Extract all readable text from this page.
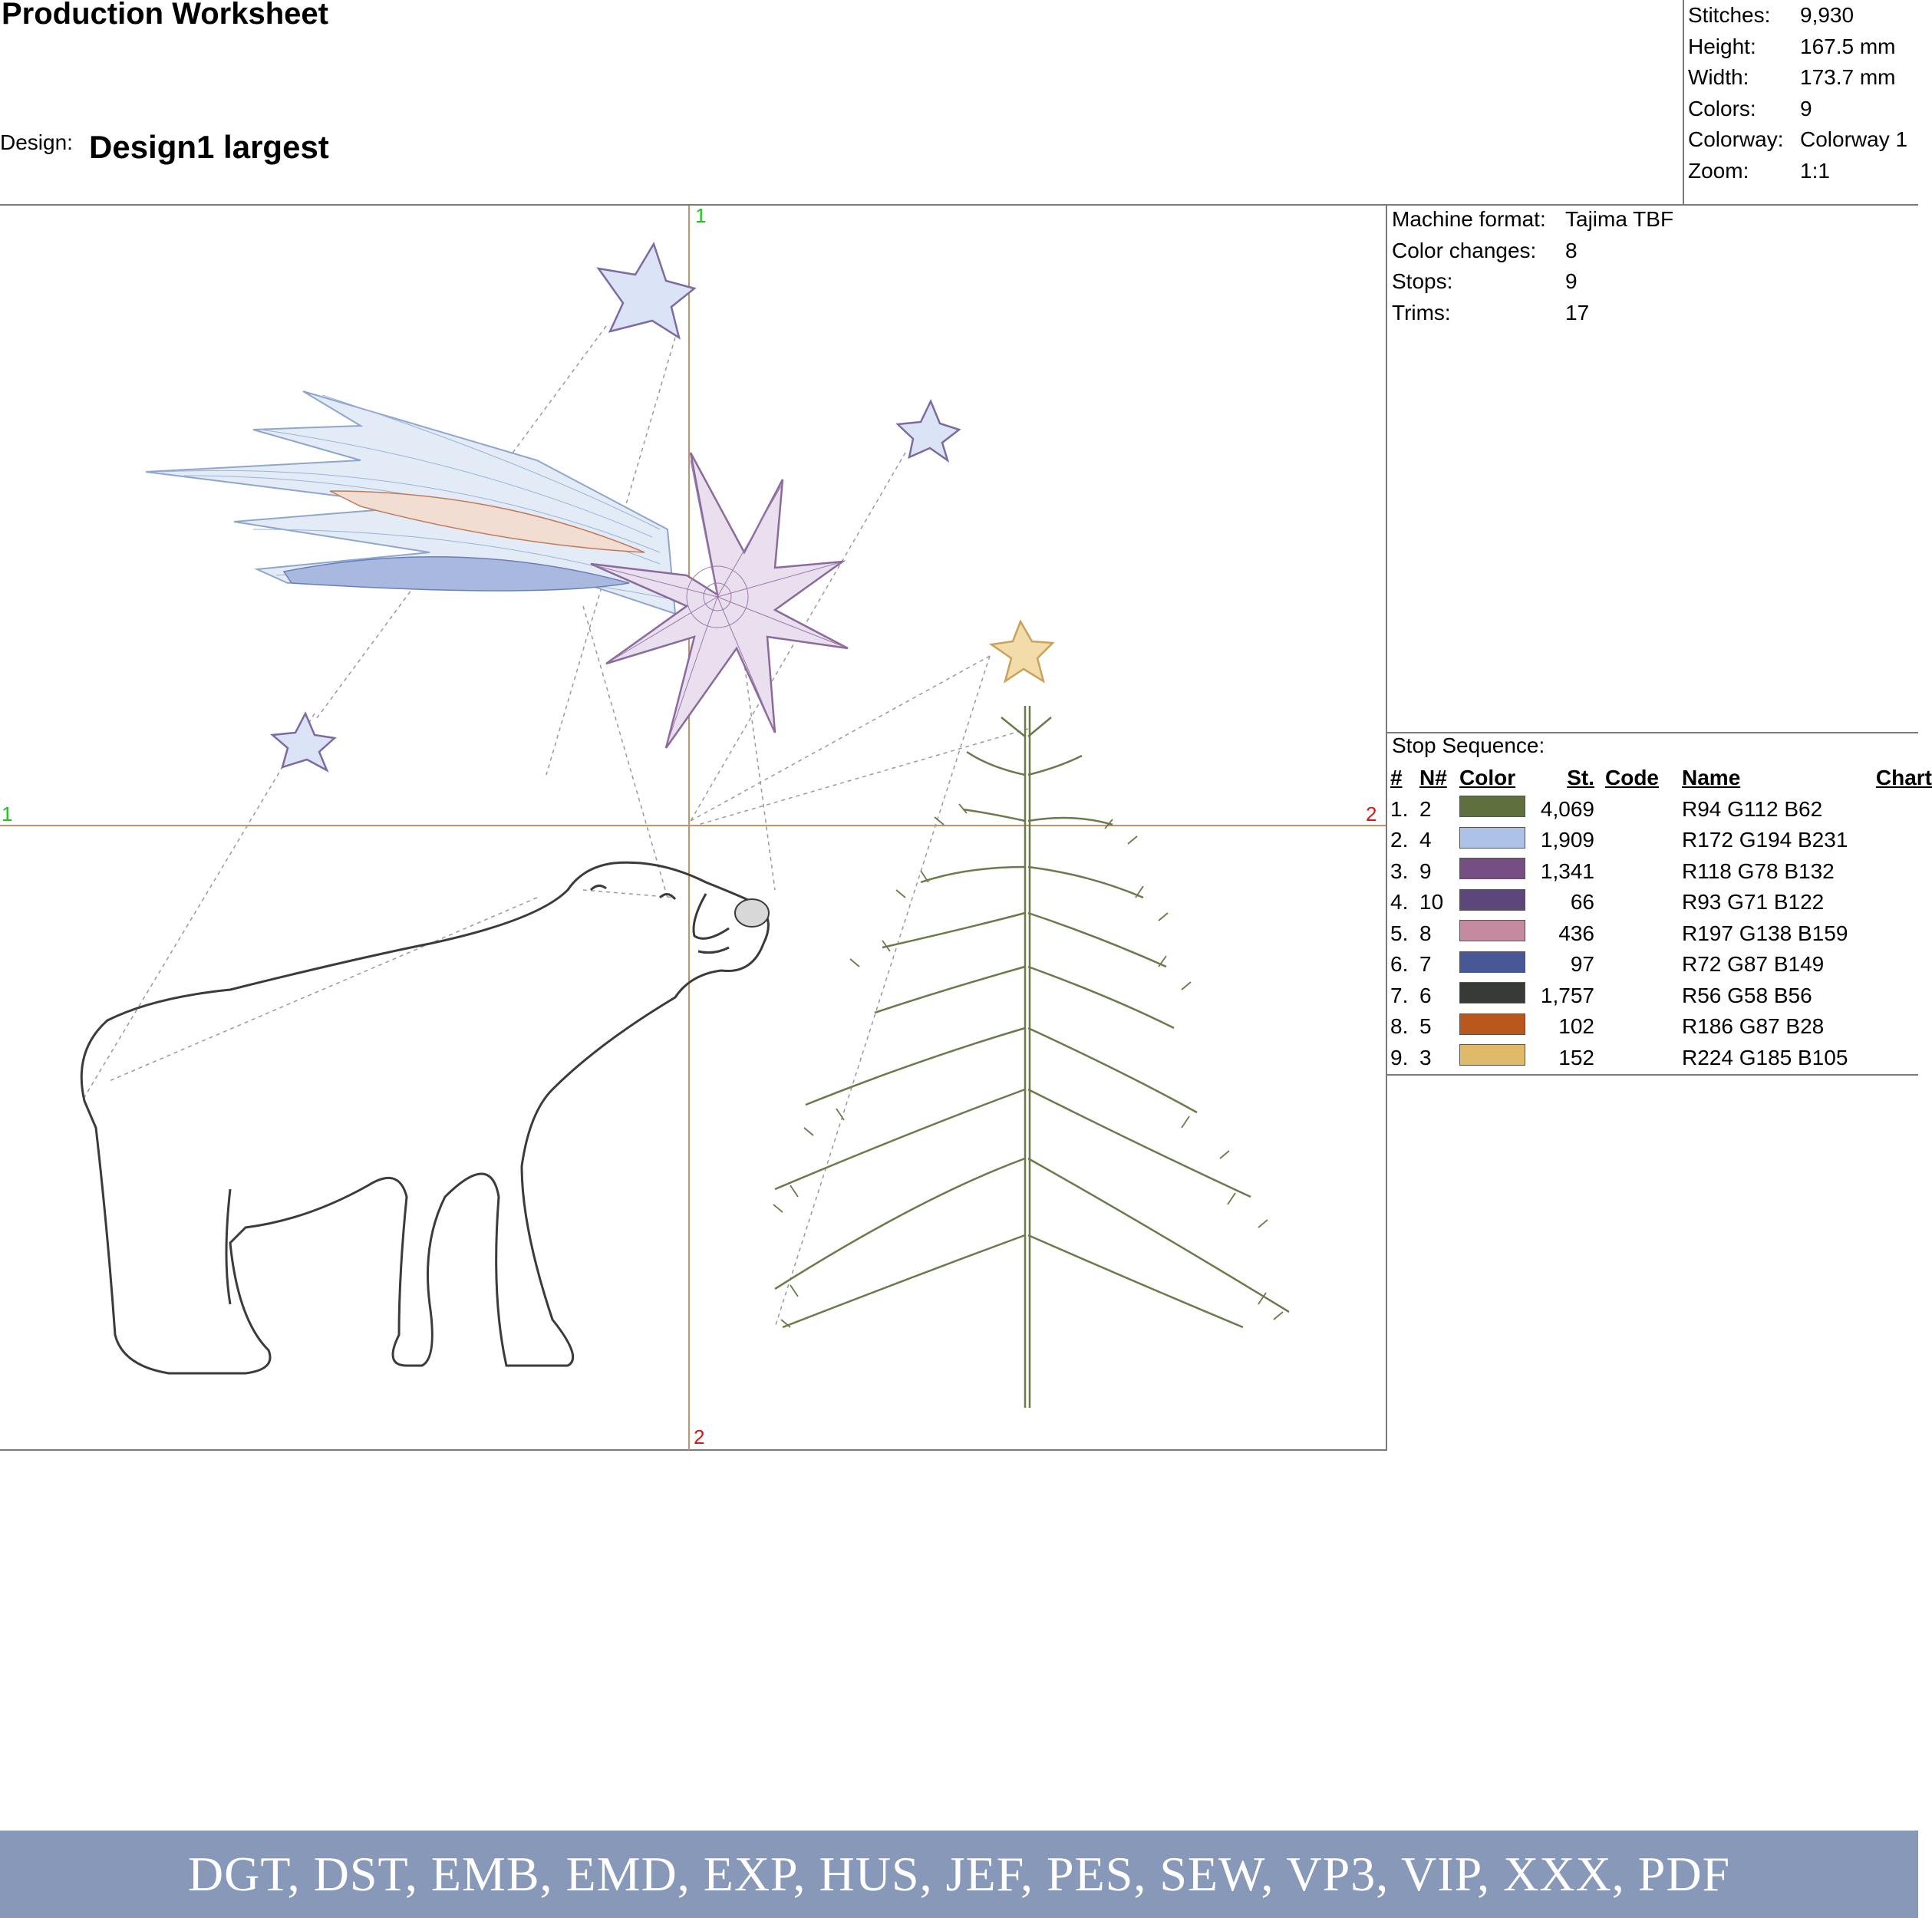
Production Worksheet
Design: Design1 largest
Stitches:	9,930
Height:	167.5 mm
Width:	173.7 mm
Colors:	9
Colorway: Colorway 1
Zoom:	1:1
Machine format: Tajima TBF
Color changes:	8
Stops:	9
Trims:	17
Stop Sequence:
# N# Color	St. Code	Name	Chart
1. 2	4,069	R94 G112 B62
2. 4	1,909	R172 G194 B231
3. 9	1,341	R118 G78 B132
4. 10	66	R93 G71 B122
5. 8	436	R197 G138 B159
6. 7	97	R72 G87 B149
7. 6	1,757	R56 G58 B56
8. 5	102	R186 G87 B28
9. 3	152	R224 G185 B105
1
1	2
2
DGT, DST, EMB, EMD, EXP, HUS, JEF, PES, SEW, VP3, VIP, XXX, PDF
